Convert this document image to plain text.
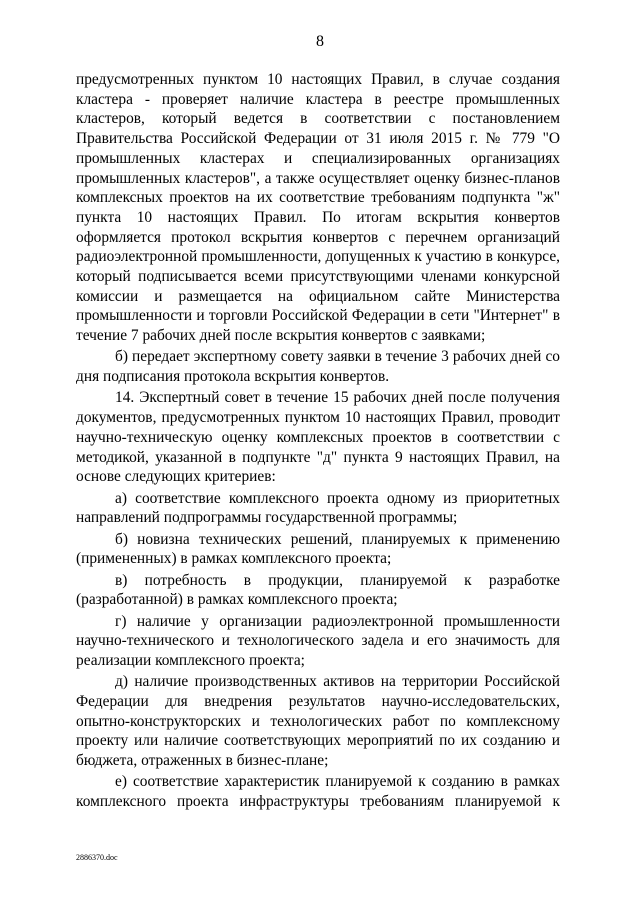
8

предусмотренных пунктом 10 настоящих Правил, в случае создания кластера - проверяет наличие кластера в реестре промышленных кластеров, который ведется в соответствии с постановлением Правительства Российской Федерации от 31 июля 2015 г. № 779 "О промышленных кластерах и специализированных организациях промышленных кластеров", а также осуществляет оценку бизнес-планов комплексных проектов на их соответствие требованиям подпункта "ж" пункта 10 настоящих Правил. По итогам вскрытия конвертов оформляется протокол вскрытия конвертов с перечнем организаций радиоэлектронной промышленности, допущенных к участию в конкурсе, который подписывается всеми присутствующими членами конкурсной комиссии и размещается на официальном сайте Министерства промышленности и торговли Российской Федерации в сети "Интернет" в течение 7 рабочих дней после вскрытия конвертов с заявками;

б) передает экспертному совету заявки в течение 3 рабочих дней со дня подписания протокола вскрытия конвертов.

14. Экспертный совет в течение 15 рабочих дней после получения документов, предусмотренных пунктом 10 настоящих Правил, проводит научно-техническую оценку комплексных проектов в соответствии с методикой, указанной в подпункте "д" пункта 9 настоящих Правил, на основе следующих критериев:

а) соответствие комплексного проекта одному из приоритетных направлений подпрограммы государственной программы;

б) новизна технических решений, планируемых к применению (примененных) в рамках комплексного проекта;

в) потребность в продукции, планируемой к разработке (разработанной) в рамках комплексного проекта;

г) наличие у организации радиоэлектронной промышленности научно-технического и технологического задела и его значимость для реализации комплексного проекта;

д) наличие производственных активов на территории Российской Федерации для внедрения результатов научно-исследовательских, опытно-конструкторских и технологических работ по комплексному проекту или наличие соответствующих мероприятий по их созданию и бюджета, отраженных в бизнес-плане;

е) соответствие характеристик планируемой к созданию в рамках комплексного проекта инфраструктуры требованиям планируемой к

2886370.doc
